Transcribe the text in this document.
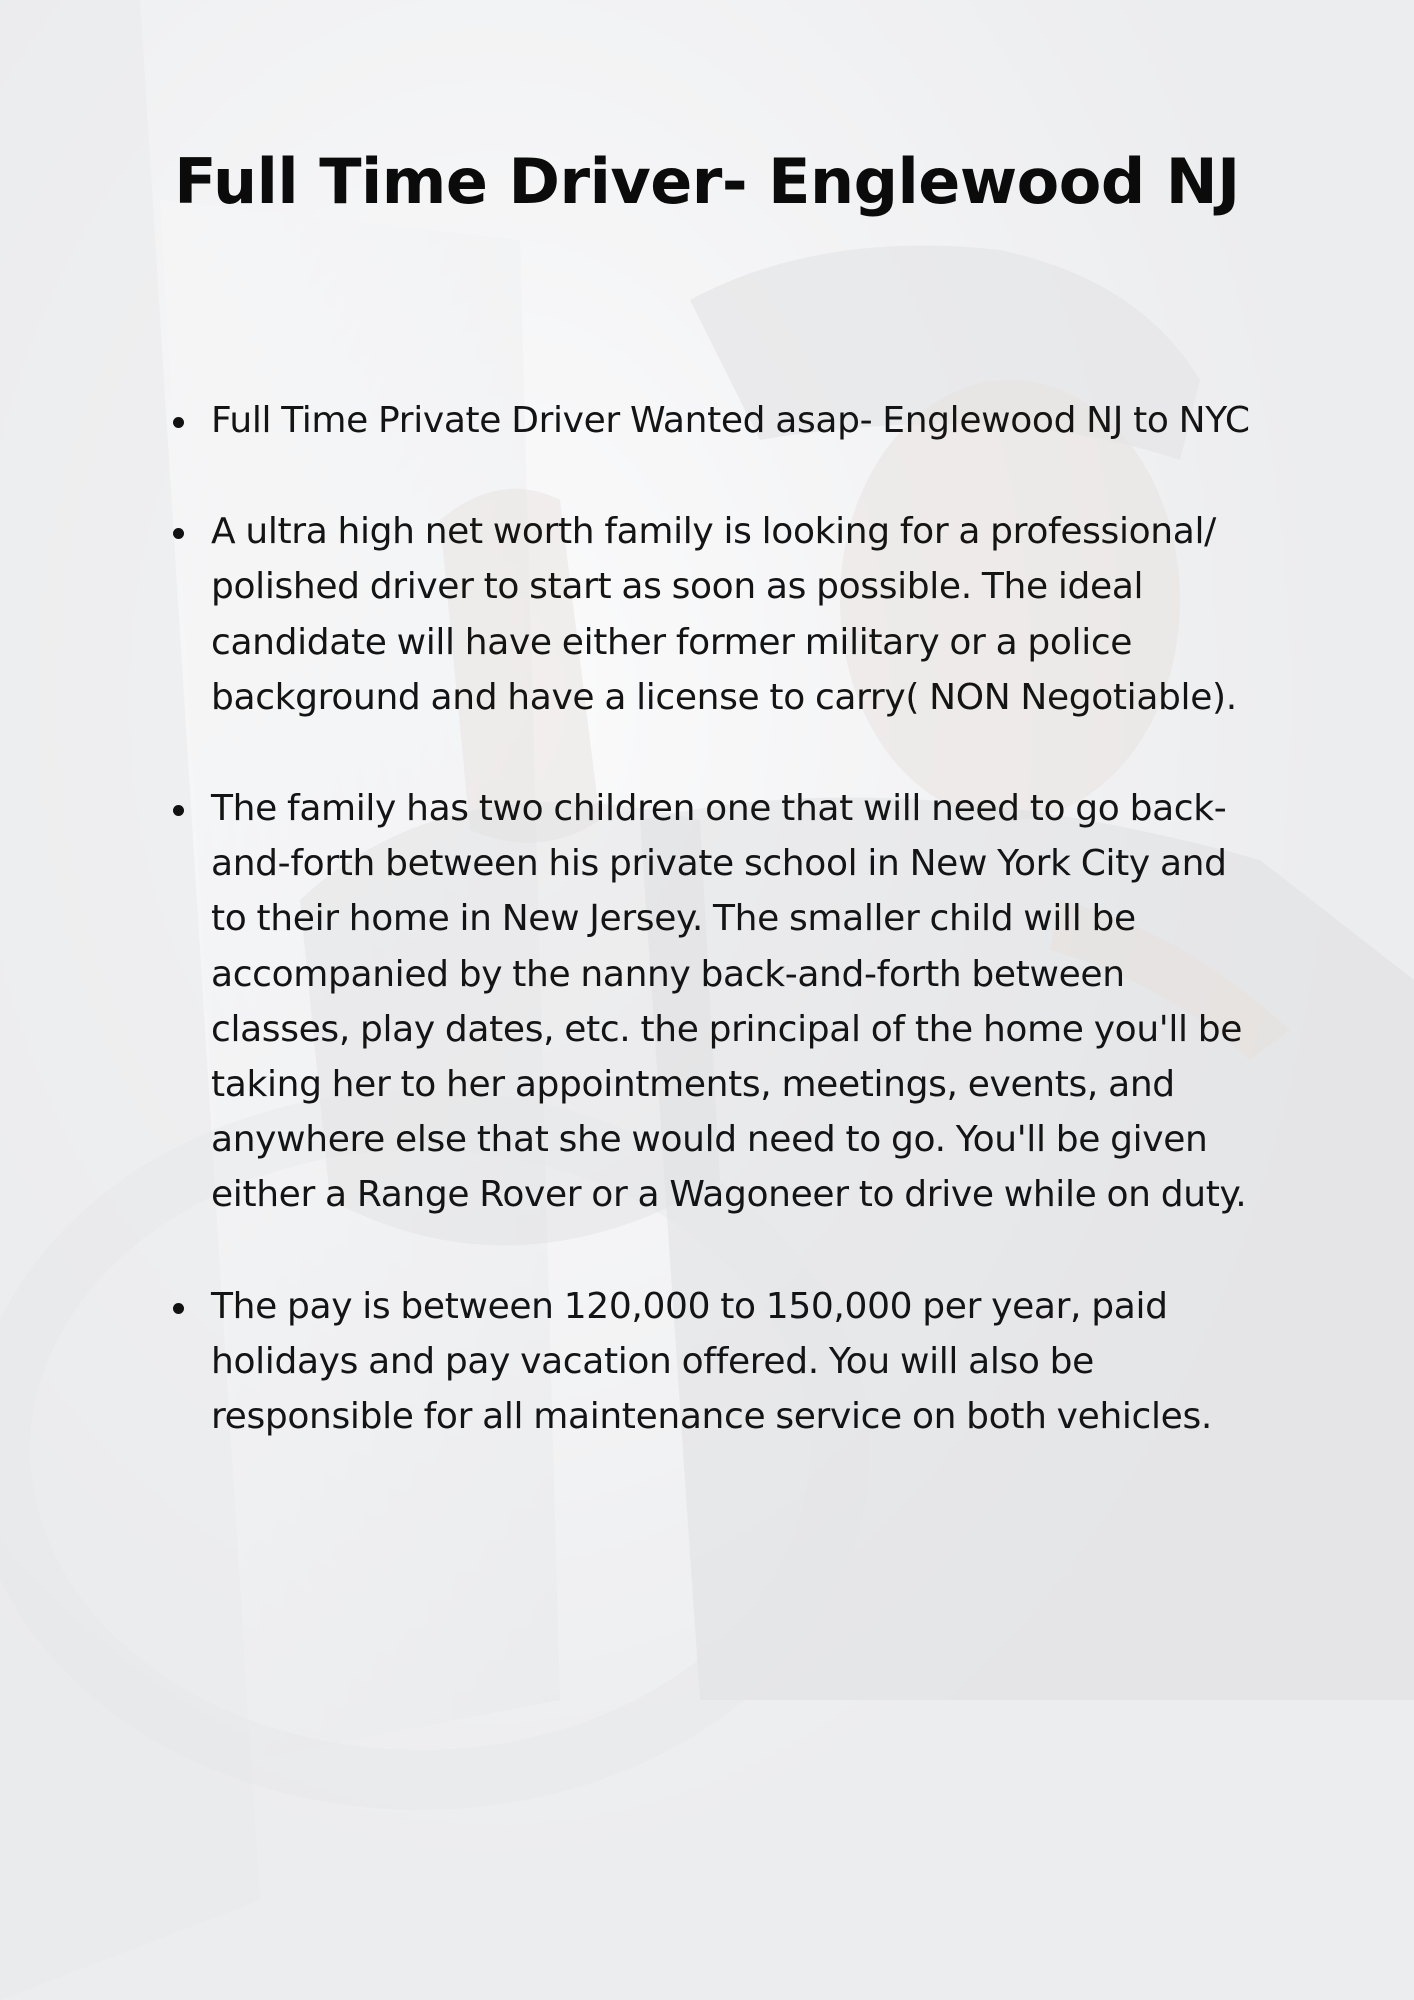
Full Time Driver- Englewood NJ
Full Time Private Driver Wanted asap- Englewood NJ to NYC
A ultra high net worth family is looking for a professional/ polished driver to start as soon as possible. The ideal candidate will have either former military or a police background and have a license to carry( NON Negotiable).
The family has two children one that will need to go back-and-forth between his private school in New York City and to their home in New Jersey. The smaller child will be accompanied by the nanny back-and-forth between classes, play dates, etc. the principal of the home you'll be taking her to her appointments, meetings, events, and anywhere else that she would need to go. You'll be given either a Range Rover or a Wagoneer to drive while on duty.
The pay is between 120,000 to 150,000 per year, paid holidays and pay vacation offered. You will also be responsible for all maintenance service on both vehicles.
